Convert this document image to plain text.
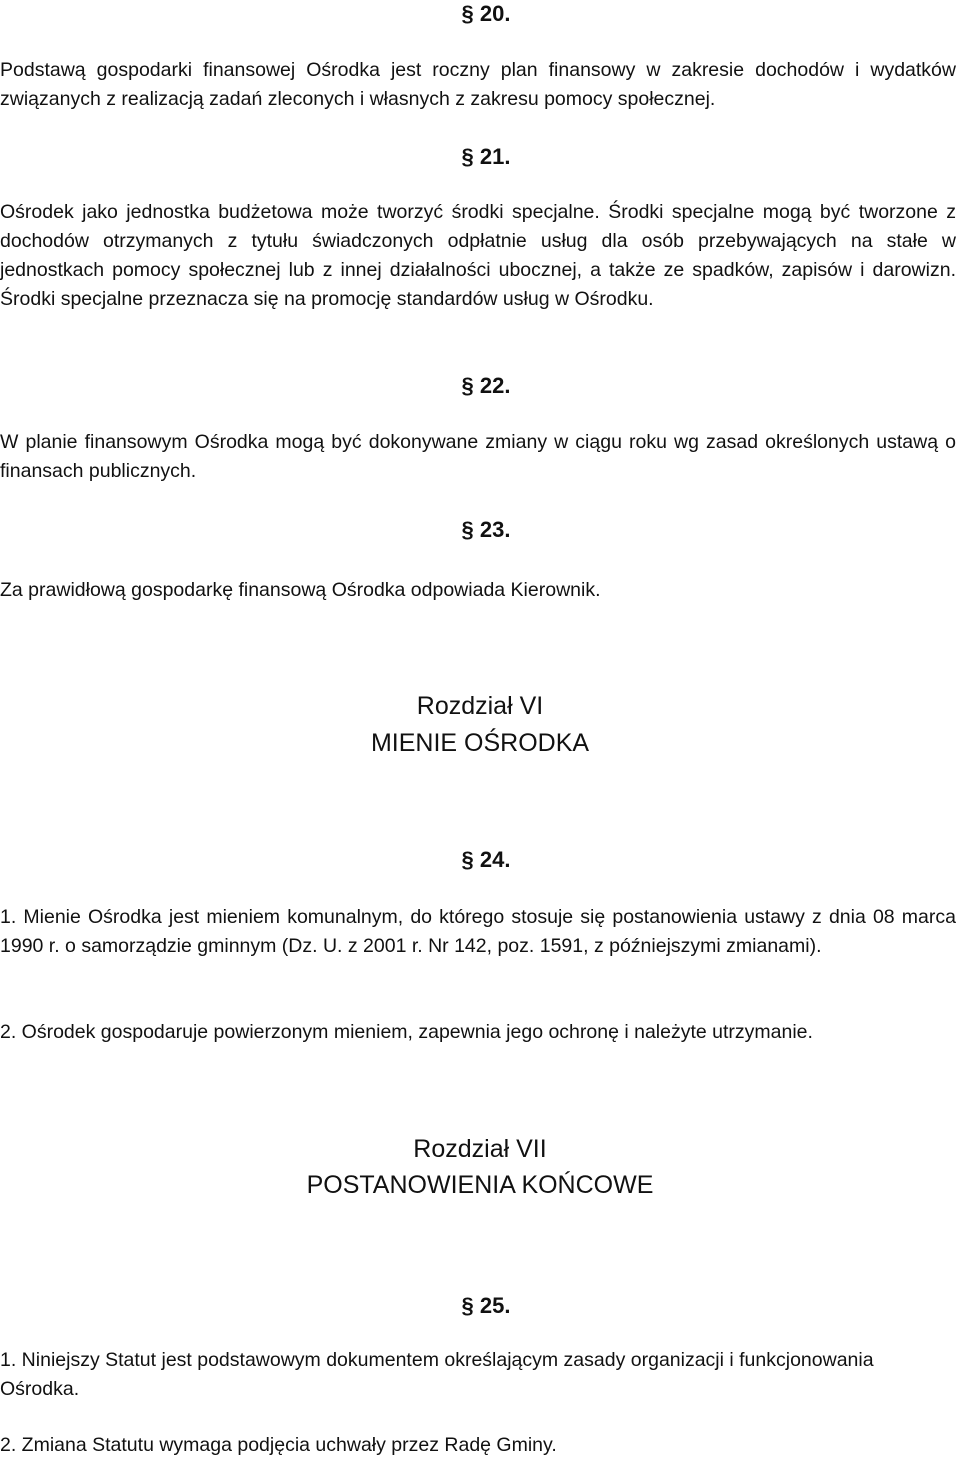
§ 20.

Podstawą gospodarki finansowej Ośrodka jest roczny plan finansowy w zakresie dochodów i wydatków związanych z realizacją zadań zleconych i własnych z zakresu pomocy społecznej.

§ 21.

Ośrodek jako jednostka budżetowa może tworzyć środki specjalne. Środki specjalne mogą być tworzone z dochodów otrzymanych z tytułu świadczonych odpłatnie usług dla osób przebywających na stałe w jednostkach pomocy społecznej lub z innej działalności ubocznej, a także ze spadków, zapisów i darowizn. Środki specjalne przeznacza się na promocję standardów usług w Ośrodku.

§ 22.

W planie finansowym Ośrodka mogą być dokonywane zmiany w ciągu roku wg zasad określonych ustawą o finansach publicznych.

§ 23.

Za prawidłową gospodarkę finansową Ośrodka odpowiada Kierownik.

Rozdział VI
MIENIE OŚRODKA
§ 24.

1. Mienie Ośrodka jest mieniem komunalnym, do którego stosuje się postanowienia ustawy z dnia 08 marca 1990 r. o samorządzie gminnym (Dz. U. z 2001 r. Nr 142, poz. 1591, z późniejszymi zmianami).

2. Ośrodek gospodaruje powierzonym mieniem, zapewnia jego ochronę i należyte utrzymanie.

Rozdział VII
POSTANOWIENIA KOŃCOWE
§ 25.

1. Niniejszy Statut jest podstawowym dokumentem określającym zasady organizacji i funkcjonowania Ośrodka.

2. Zmiana Statutu wymaga podjęcia uchwały przez Radę Gminy.
